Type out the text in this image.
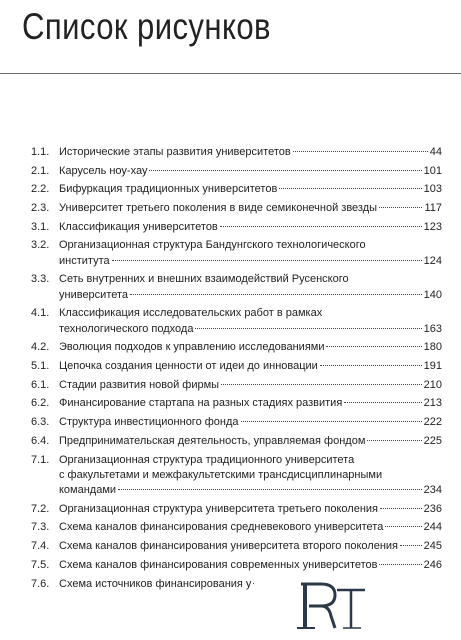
Список рисунков
1.1. Исторические этапы развития университетов	44
2.1. Карусель ноу-хау	101
2.2. Бифуркация традиционных университетов	103
2.3. Университет третьего поколения в виде семиконечной звезды	117
3.1. Классификация университетов	123
3.2. Организационная структура Бандунгского технологического
института	124
3.3. Сеть внутренних и внешних взаимодействий Русенского
университета	140
4.1. Классификация исследовательских работ в рамках
технологического подхода	163
4.2. Эволюция подходов к управлению исследованиями	180
5.1. Цепочка создания ценности от идеи до инновации	191
6.1. Стадии развития новой фирмы	210
6.2. Финансирование стартапа на разных стадиях развития	213
6.3. Структура инвестиционного фонда	222
6.4. Предпринимательская деятельность, управляемая фондом	225
7.1. Организационная структура традиционного университета
с факультетами и межфакультетскими трансдисциплинарными
командами	234
7.2. Организационная структура университета третьего поколения	236
7.3. Схема каналов финансирования средневекового университета	244
7.4. Схема каналов финансирования университета второго поколения 245
7.5. Схема каналов финансирования современных университетов	246
7.6. Схема источников финансирования у
